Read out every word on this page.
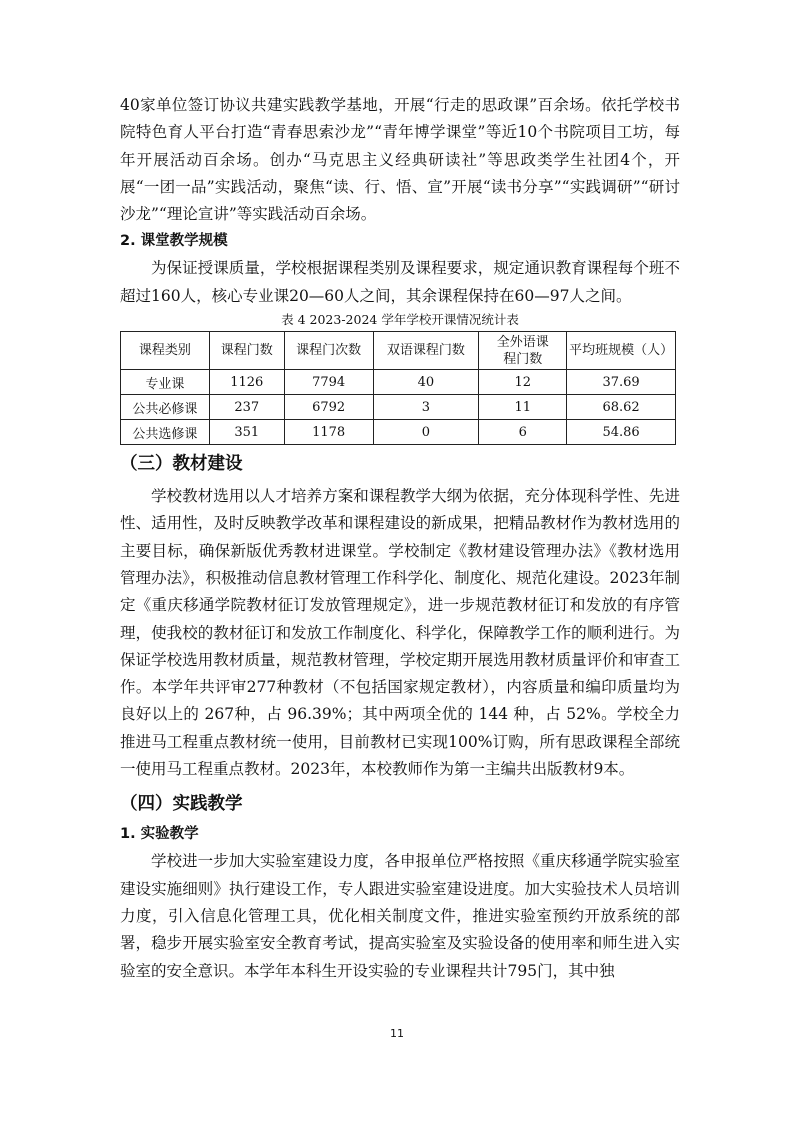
40家单位签订协议共建实践教学基地，开展“行走的思政课”百余场。依托学校书院特色育人平台打造“青春思索沙龙”“青年博学课堂”等近10个书院项目工坊，每年开展活动百余场。创办“马克思主义经典研读社”等思政类学生社团4个，开展“一团一品”实践活动，聚焦“读、行、悟、宣”开展“读书分享”“实践调研”“研讨沙龙”“理论宣讲”等实践活动百余场。

2. 课堂教学规模

为保证授课质量，学校根据课程类别及课程要求，规定通识教育课程每个班不超过160人，核心专业课20—60人之间，其余课程保持在60—97人之间。

表 4 2023-2024 学年学校开课情况统计表
课程类别	课程门数	课程门次数	双语课程门数	全外语课程门数	平均班规模（人）
专业课	1126	7794	40	12	37.69
公共必修课	237	6792	3	11	68.62
公共选修课	351	1178	0	6	54.86
（三）教材建设

学校教材选用以人才培养方案和课程教学大纲为依据，充分体现科学性、先进性、适用性，及时反映教学改革和课程建设的新成果，把精品教材作为教材选用的主要目标，确保新版优秀教材进课堂。学校制定《教材建设管理办法》《教材选用管理办法》，积极推动信息教材管理工作科学化、制度化、规范化建设。2023年制定《重庆移通学院教材征订发放管理规定》，进一步规范教材征订和发放的有序管理，使我校的教材征订和发放工作制度化、科学化，保障教学工作的顺利进行。为保证学校选用教材质量，规范教材管理，学校定期开展选用教材质量评价和审查工作。本学年共评审277种教材（不包括国家规定教材），内容质量和编印质量均为良好以上的 267种，占 96.39%；其中两项全优的 144 种，占 52%。学校全力推进马工程重点教材统一使用，目前教材已实现100%订购，所有思政课程全部统一使用马工程重点教材。2023年，本校教师作为第一主编共出版教材9本。

（四）实践教学
1. 实验教学

学校进一步加大实验室建设力度，各申报单位严格按照《重庆移通学院实验室建设实施细则》执行建设工作，专人跟进实验室建设进度。加大实验技术人员培训力度，引入信息化管理工具，优化相关制度文件，推进实验室预约开放系统的部署，稳步开展实验室安全教育考试，提高实验室及实验设备的使用率和师生进入实验室的安全意识。本学年本科生开设实验的专业课程共计795门，其中独

11
